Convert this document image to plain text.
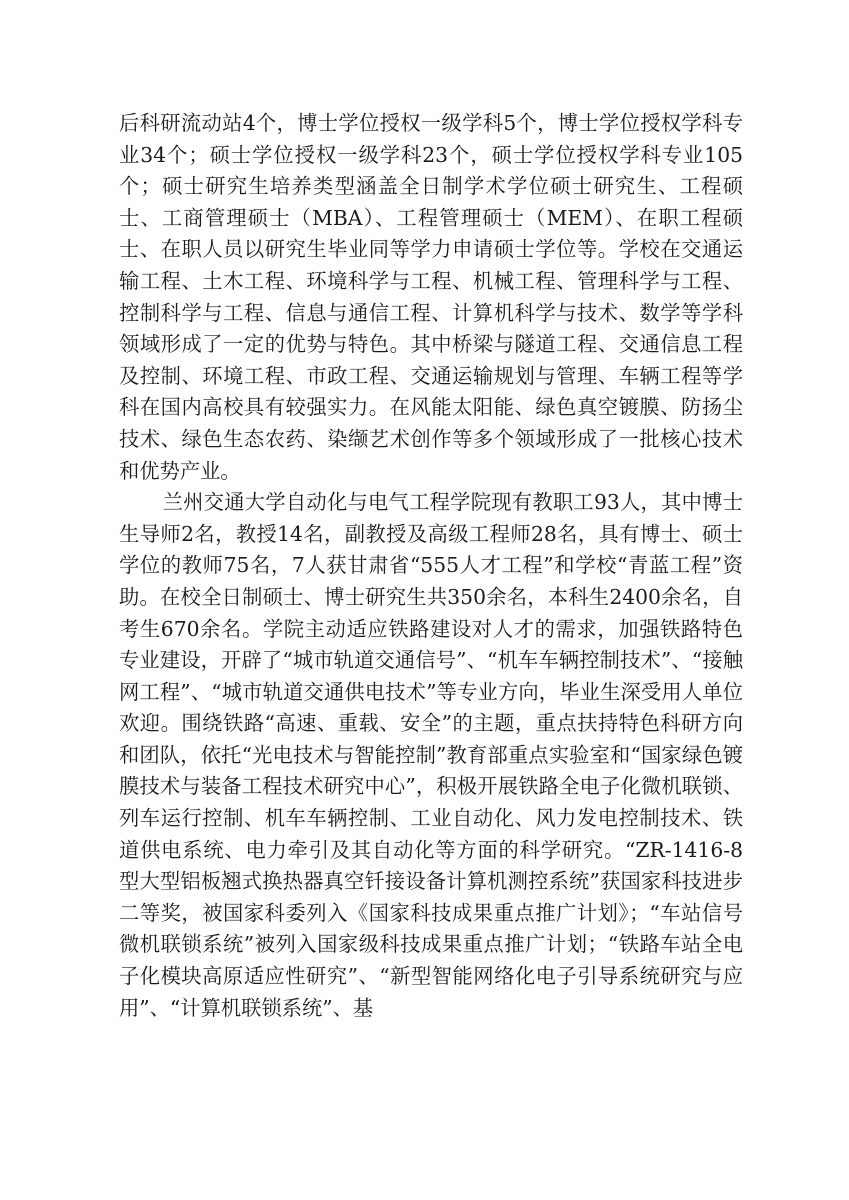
后科研流动站4个，博士学位授权一级学科5个，博士学位授权学科专业34个；硕士学位授权一级学科23个，硕士学位授权学科专业105个；硕士研究生培养类型涵盖全日制学术学位硕士研究生、工程硕士、工商管理硕士（MBA）、工程管理硕士（MEM）、在职工程硕士、在职人员以研究生毕业同等学力申请硕士学位等。学校在交通运输工程、土木工程、环境科学与工程、机械工程、管理科学与工程、控制科学与工程、信息与通信工程、计算机科学与技术、数学等学科领域形成了一定的优势与特色。其中桥梁与隧道工程、交通信息工程及控制、环境工程、市政工程、交通运输规划与管理、车辆工程等学科在国内高校具有较强实力。在风能太阳能、绿色真空镀膜、防扬尘技术、绿色生态农药、染缬艺术创作等多个领域形成了一批核心技术和优势产业。

兰州交通大学自动化与电气工程学院现有教职工93人，其中博士生导师2名，教授14名，副教授及高级工程师28名，具有博士、硕士学位的教师75名，7人获甘肃省“555人才工程”和学校“青蓝工程”资助。在校全日制硕士、博士研究生共350余名，本科生2400余名，自考生670余名。学院主动适应铁路建设对人才的需求，加强铁路特色专业建设，开辟了“城市轨道交通信号”、“机车车辆控制技术”、“接触网工程”、“城市轨道交通供电技术”等专业方向，毕业生深受用人单位欢迎。围绕铁路“高速、重载、安全”的主题，重点扶持特色科研方向和团队，依托“光电技术与智能控制”教育部重点实验室和“国家绿色镀膜技术与装备工程技术研究中心”，积极开展铁路全电子化微机联锁、列车运行控制、机车车辆控制、工业自动化、风力发电控制技术、铁道供电系统、电力牵引及其自动化等方面的科学研究。“ZR-1416-8型大型铝板翘式换热器真空钎接设备计算机测控系统”获国家科技进步二等奖，被国家科委列入《国家科技成果重点推广计划》；“车站信号微机联锁系统”被列入国家级科技成果重点推广计划；“铁路车站全电子化模块高原适应性研究”、“新型智能网络化电子引导系统研究与应用”、“计算机联锁系统”、基
